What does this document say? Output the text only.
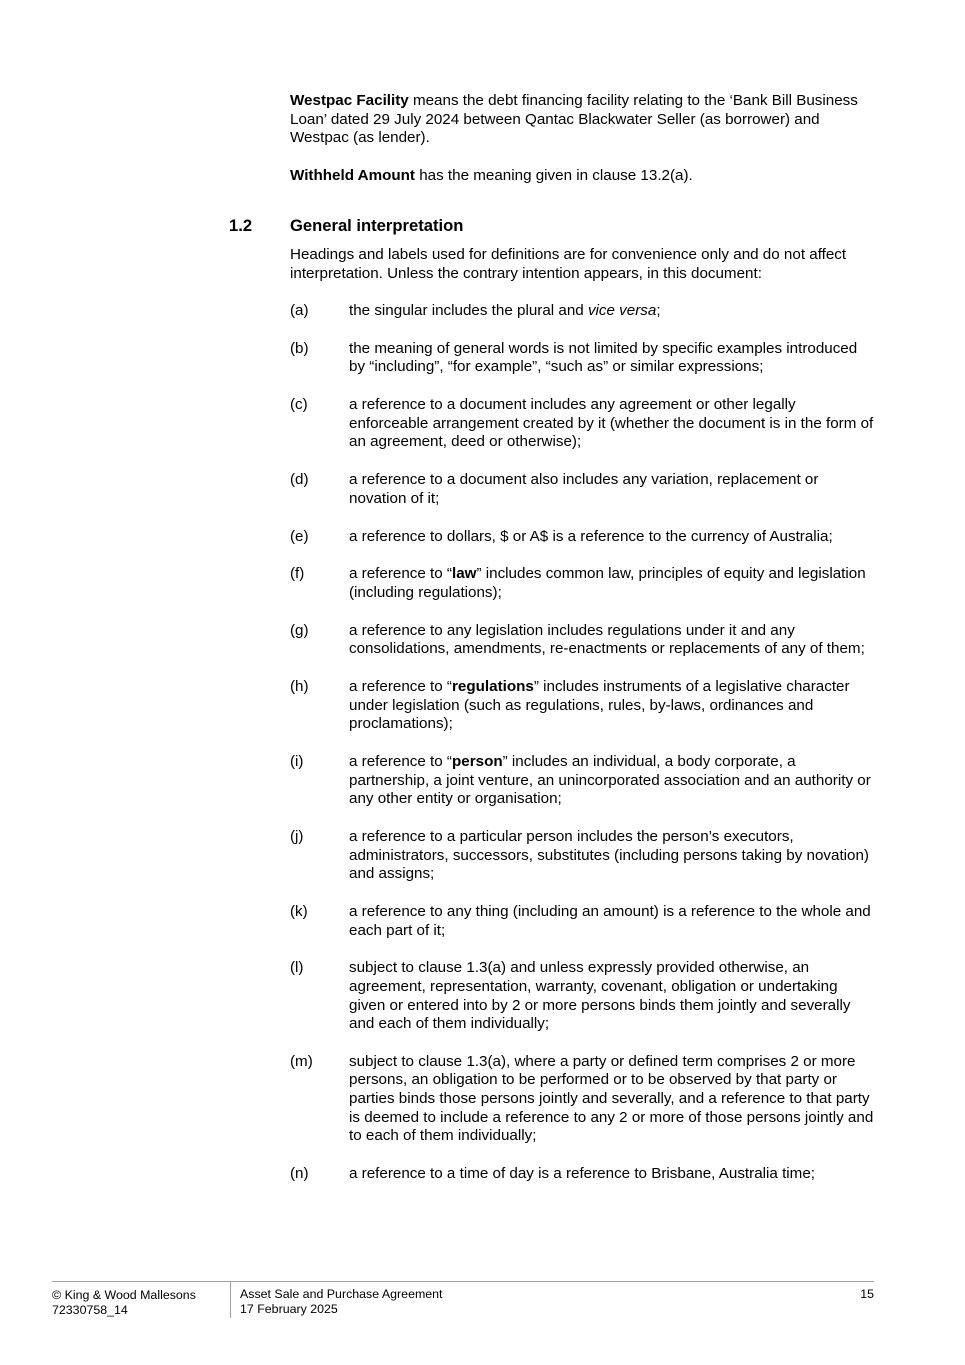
Westpac Facility means the debt financing facility relating to the ‘Bank Bill Business Loan’ dated 29 July 2024 between Qantac Blackwater Seller (as borrower) and Westpac (as lender).

Withheld Amount has the meaning given in clause 13.2(a).

1.2 General interpretation

Headings and labels used for definitions are for convenience only and do not affect interpretation. Unless the contrary intention appears, in this document:

(a)	the singular includes the plural and vice versa;
(b)	the meaning of general words is not limited by specific examples introduced by “including”, “for example”, “such as” or similar expressions;
(c)	a reference to a document includes any agreement or other legally enforceable arrangement created by it (whether the document is in the form of an agreement, deed or otherwise);
(d)	a reference to a document also includes any variation, replacement or novation of it;
(e)	a reference to dollars, $ or A$ is a reference to the currency of Australia;
(f)	a reference to “law” includes common law, principles of equity and legislation (including regulations);
(g)	a reference to any legislation includes regulations under it and any consolidations, amendments, re-enactments or replacements of any of them;
(h)	a reference to “regulations” includes instruments of a legislative character under legislation (such as regulations, rules, by-laws, ordinances and proclamations);
(i)	a reference to “person” includes an individual, a body corporate, a partnership, a joint venture, an unincorporated association and an authority or any other entity or organisation;
(j)	a reference to a particular person includes the person’s executors, administrators, successors, substitutes (including persons taking by novation) and assigns;
(k)	a reference to any thing (including an amount) is a reference to the whole and each part of it;
(l)	subject to clause 1.3(a) and unless expressly provided otherwise, an agreement, representation, warranty, covenant, obligation or undertaking given or entered into by 2 or more persons binds them jointly and severally and each of them individually;
(m)	subject to clause 1.3(a), where a party or defined term comprises 2 or more persons, an obligation to be performed or to be observed by that party or parties binds those persons jointly and severally, and a reference to that party is deemed to include a reference to any 2 or more of those persons jointly and to each of them individually;
(n)	a reference to a time of day is a reference to Brisbane, Australia time;
© King & Wood Mallesons
72330758_14
Asset Sale and Purchase Agreement
17 February 2025
15
